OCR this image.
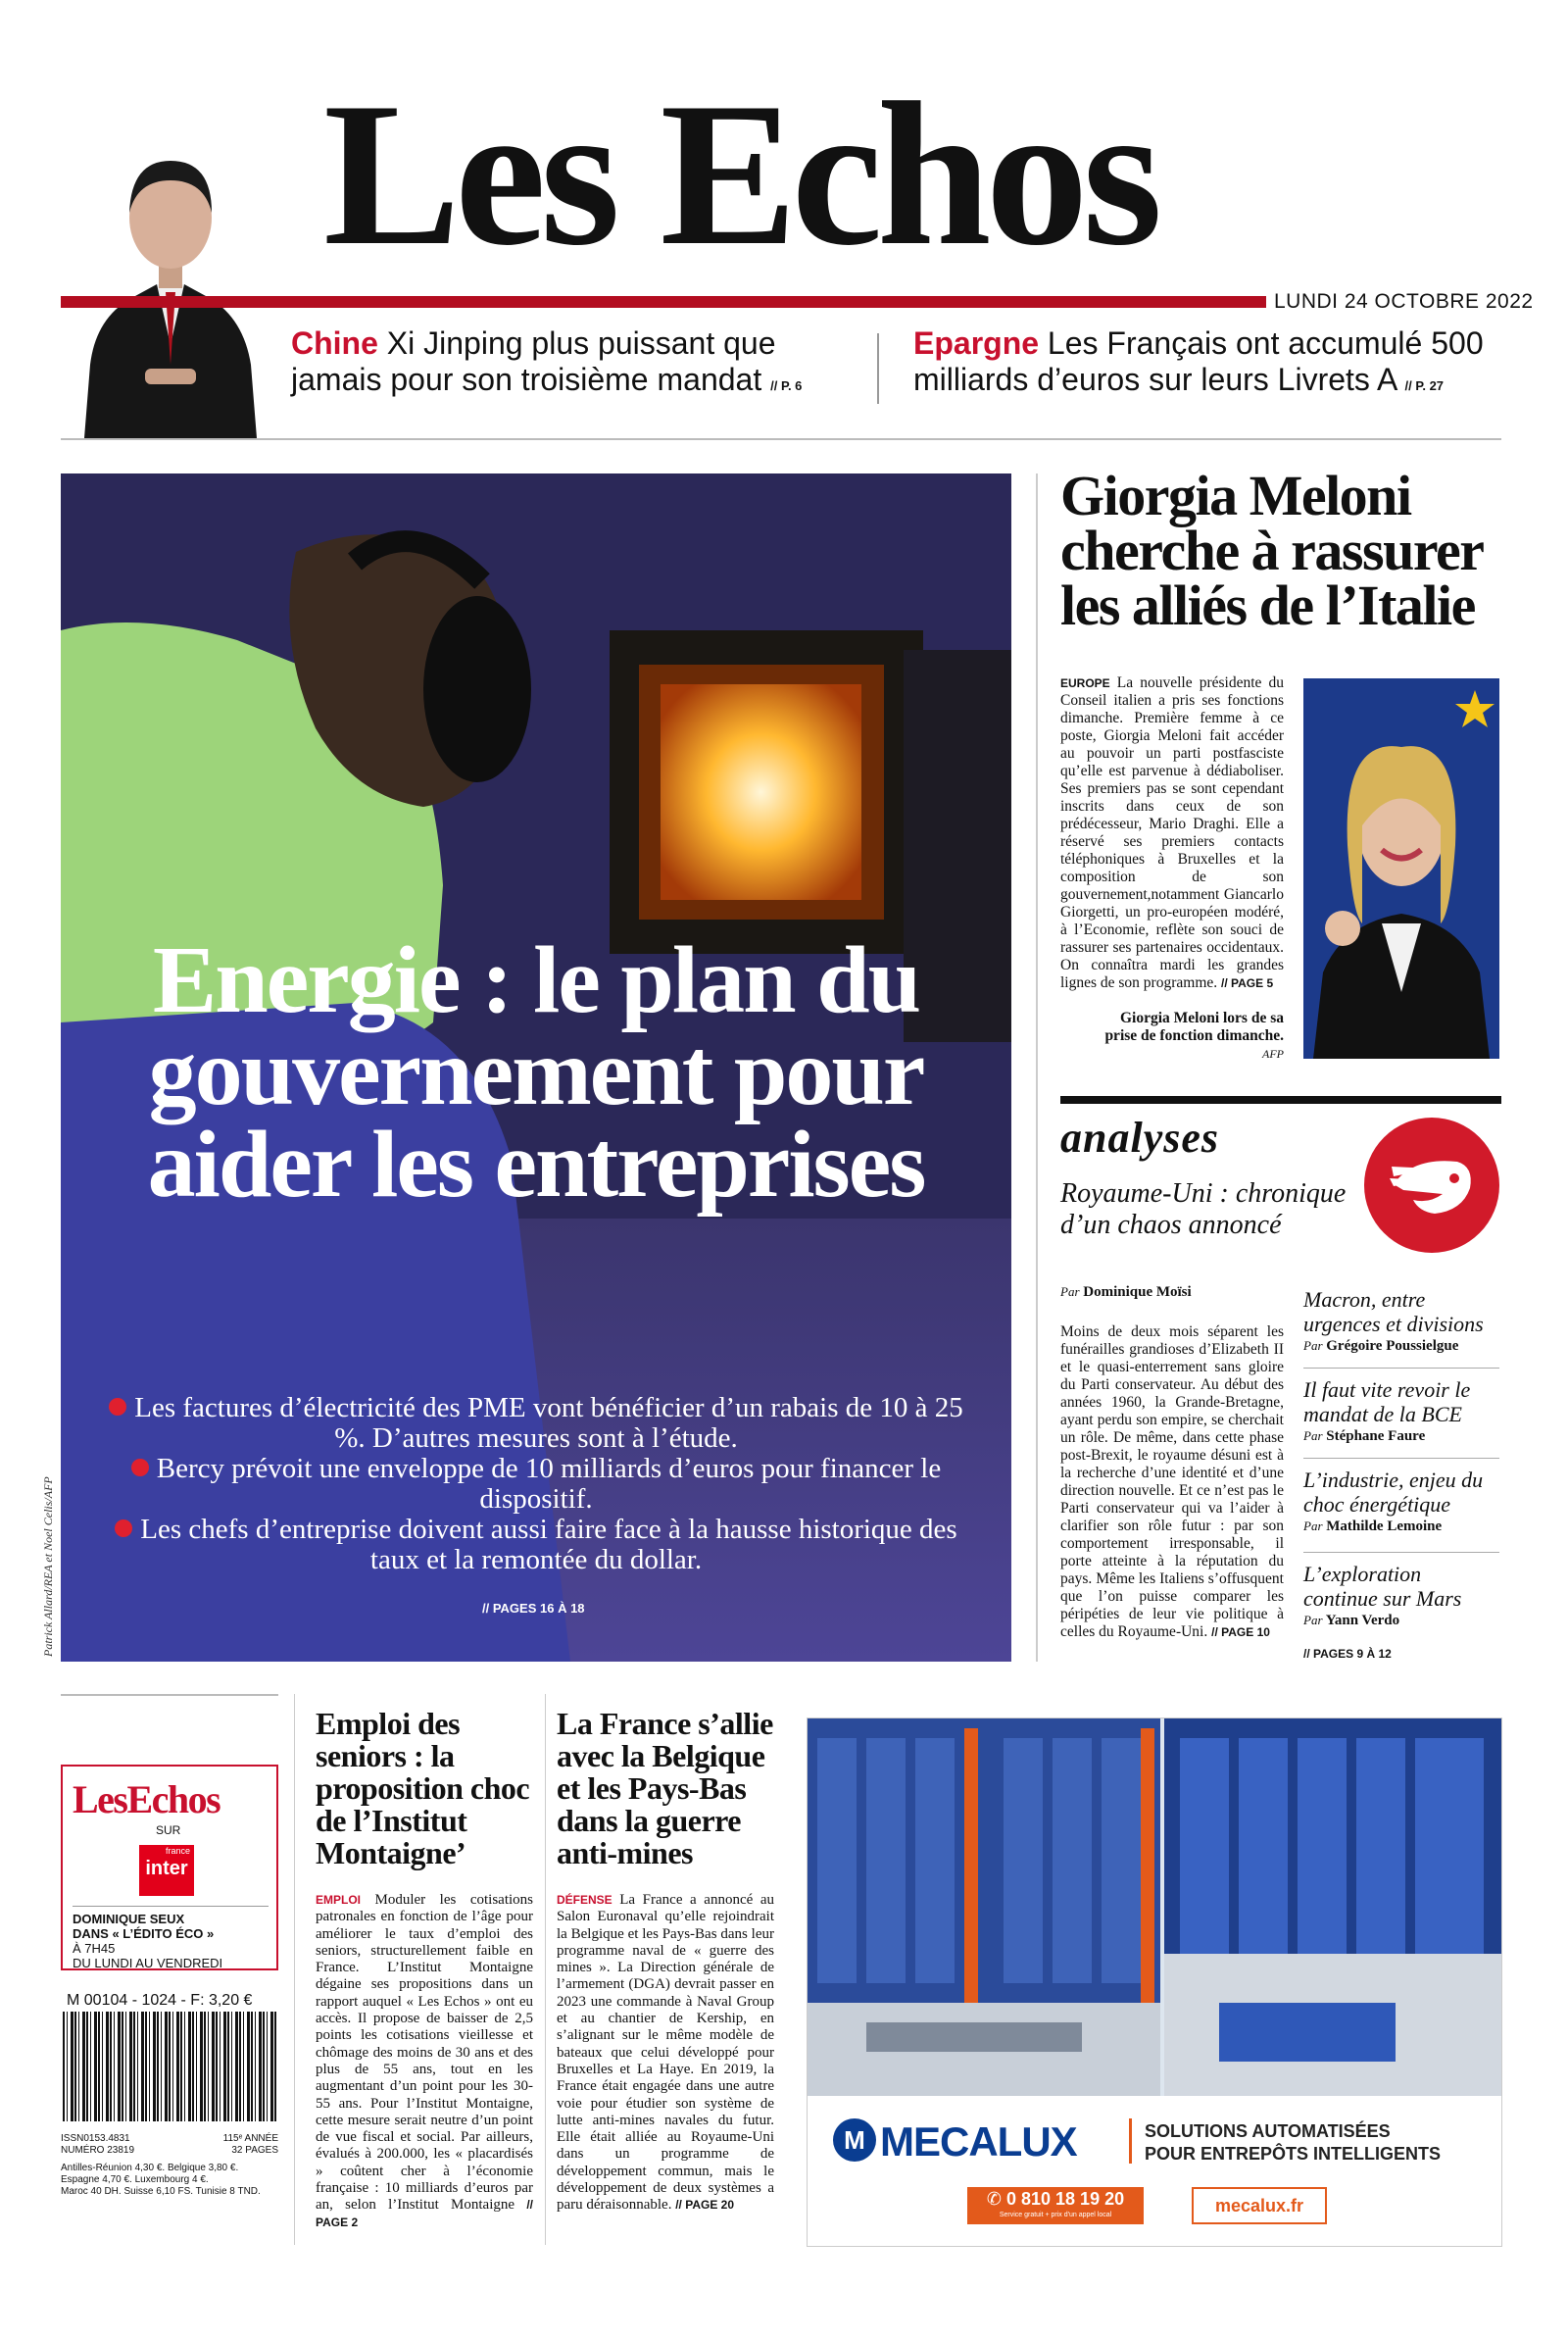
Les Echos
LUNDI 24 OCTOBRE 2022
Chine Xi Jinping plus puissant que jamais pour son troisième mandat // P. 6
Epargne Les Français ont accumulé 500 milliards d’euros sur leurs Livrets A // P. 27
Energie : le plan du gouvernement pour aider les entreprises
Les factures d’électricité des PME vont bénéficier d’un rabais de 10 à 25 %. D’autres mesures sont à l’étude.
Bercy prévoit une enveloppe de 10 milliards d’euros pour financer le dispositif.
Les chefs d’entreprise doivent aussi faire face à la hausse historique des taux et la remontée du dollar.
// PAGES 16 À 18
Patrick Allard/REA et Noel Celis/AFP
Giorgia Meloni cherche à rassurer les alliés de l’Italie
EUROPE La nouvelle présidente du Conseil italien a pris ses fonctions dimanche. Première femme à ce poste, Giorgia Meloni fait accéder au pouvoir un parti postfasciste qu’elle est parvenue à dédiaboliser. Ses premiers pas se sont cependant inscrits dans ceux de son prédécesseur, Mario Draghi. Elle a réservé ses premiers contacts téléphoniques à Bruxelles et la composition de son gouvernement,notamment Giancarlo Giorgetti, un pro-européen modéré, à l’Economie, reflète son souci de rassurer ses partenaires occidentaux. On connaîtra mardi les grandes lignes de son programme. // PAGE 5
Giorgia Meloni lors de sa prise de fonction dimanche. AFP
analyses
Royaume-Uni : chronique d’un chaos annoncé
Par Dominique Moïsi
Moins de deux mois séparent les funérailles grandioses d’Elizabeth II et le quasi-enterrement sans gloire du Parti conservateur. Au début des années 1960, la Grande-Bretagne, ayant perdu son empire, se cherchait un rôle. De même, dans cette phase post-Brexit, le royaume désuni est à la recherche d’une identité et d’une direction nouvelle. Et ce n’est pas le Parti conservateur qui va l’aider à clarifier son rôle futur : par son comportement irresponsable, il porte atteinte à la réputation du pays. Même les Italiens s’offusquent que l’on puisse comparer les péripéties de leur vie politique à celles du Royaume-Uni. // PAGE 10
Macron, entre urgences et divisions
Par Grégoire Poussielgue
Il faut vite revoir le mandat de la BCE
Par Stéphane Faure
L’industrie, enjeu du choc énergétique
Par Mathilde Lemoine
L’exploration continue sur Mars
Par Yann Verdo
// PAGES 9 À 12
LesEchos
SUR
france
inter
DOMINIQUE SEUX
DANS « L’ÉDITO ÉCO »
À 7H45
DU LUNDI AU VENDREDI
M 00104 - 1024 - F: 3,20 €
ISSN0153.4831	115ᵉ ANNÉE
NUMÉRO 23819	32 PAGES
Antilles-Réunion 4,30 €. Belgique 3,80 €.
Espagne 4,70 €. Luxembourg 4 €.
Maroc 40 DH. Suisse 6,10 FS. Tunisie 8 TND.
Emploi des seniors : la proposition choc de l’Institut Montaigne’
EMPLOI Moduler les cotisations patronales en fonction de l’âge pour améliorer le taux d’emploi des seniors, structurellement faible en France. L’Institut Montaigne dégaine ses propositions dans un rapport auquel « Les Echos » ont eu accès. Il propose de baisser de 2,5 points les cotisations vieillesse et chômage des moins de 30 ans et des plus de 55 ans, tout en les augmentant d’un point pour les 30-55 ans. Pour l’Institut Montaigne, cette mesure serait neutre d’un point de vue fiscal et social. Par ailleurs, évalués à 200.000, les « placardisés » coûtent cher à l’économie française : 10 milliards d’euros par an, selon l’Institut Montaigne // PAGE 2
La France s’allie avec la Belgique et les Pays-Bas dans la guerre anti-mines
DÉFENSE La France a annoncé au Salon Euronaval qu’elle rejoindrait la Belgique et les Pays-Bas dans leur programme naval de « guerre des mines ». La Direction générale de l’armement (DGA) devrait passer en 2023 une commande à Naval Group et au chantier de Kership, en s’alignant sur le même modèle de bateaux que celui développé pour Bruxelles et La Haye. En 2019, la France était engagée dans une autre voie pour étudier son système de lutte anti-mines navales du futur. Elle était alliée au Royaume-Uni dans un programme de développement commun, mais le développement de deux systèmes a paru déraisonnable. // PAGE 20
M MECALUX	SOLUTIONS AUTOMATISÉES
POUR ENTREPÔTS INTELLIGENTS
✆ 0 810 18 19 20
Service gratuit + prix d'un appel local	mecalux.fr
